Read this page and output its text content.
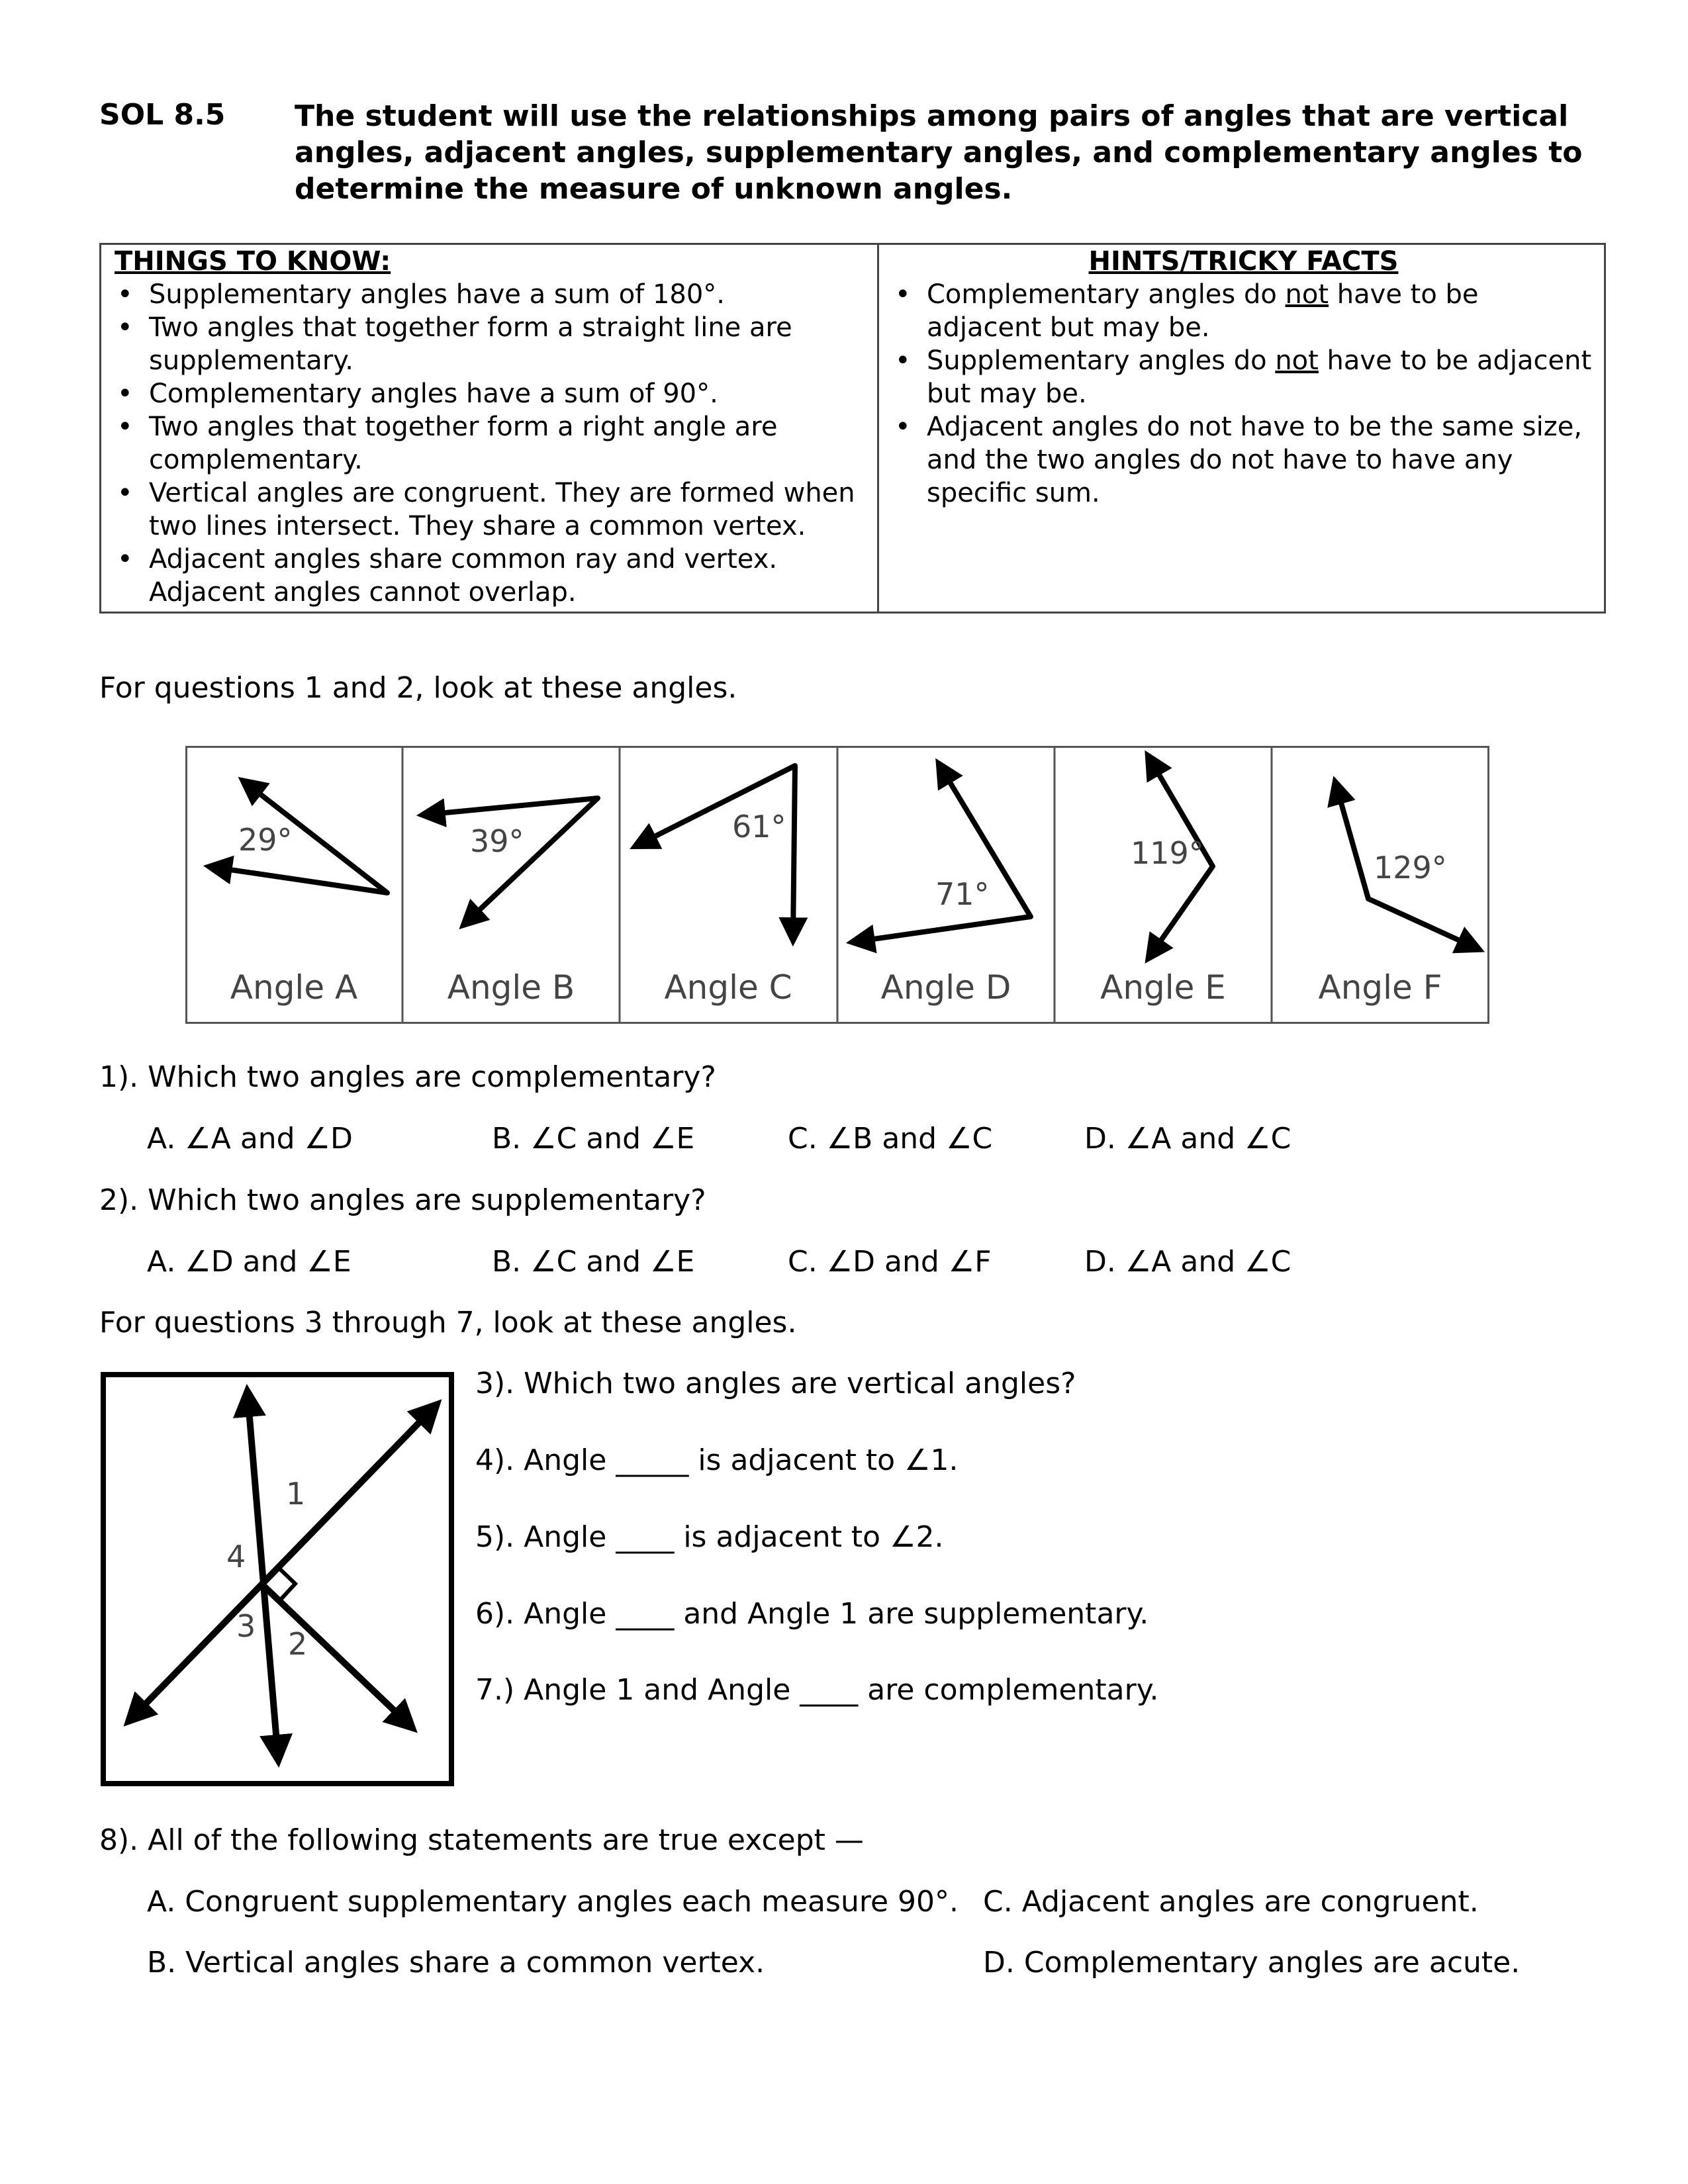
SOL 8.5 The student will use the relationships among pairs of angles that are vertical angles, adjacent angles, supplementary angles, and complementary angles to determine the measure of unknown angles.
THINGS TO KNOW:
• Supplementary angles have a sum of 180°.
• Two angles that together form a straight line are supplementary.
• Complementary angles have a sum of 90°.
• Two angles that together form a right angle are complementary.
• Vertical angles are congruent. They are formed when two lines intersect. They share a common vertex.
• Adjacent angles share common ray and vertex. Adjacent angles cannot overlap.

HINTS/TRICKY FACTS
• Complementary angles do not have to be adjacent but may be.
• Supplementary angles do not have to be adjacent but may be.
• Adjacent angles do not have to be the same size, and the two angles do not have to have any specific sum.
For questions 1 and 2, look at these angles.
29°	39°	61°
71°
119°	129°
Angle A	Angle B	Angle C	Angle D	Angle E	Angle F
1). Which two angles are complementary?
A. ∠A and ∠D	B. ∠C and ∠E	C. ∠B and ∠C	D. ∠A and ∠C
2). Which two angles are supplementary?
A. ∠D and ∠E	B. ∠C and ∠E	C. ∠D and ∠F	D. ∠A and ∠C
For questions 3 through 7, look at these angles.
1
4
3 2
3). Which two angles are vertical angles?
4). Angle _____ is adjacent to ∠1.
5). Angle ____ is adjacent to ∠2.
6). Angle ____ and Angle 1 are supplementary.
7.) Angle 1 and Angle ____ are complementary.
8). All of the following statements are true except —
A. Congruent supplementary angles each measure 90°. C. Adjacent angles are congruent.
B. Vertical angles share a common vertex.	D. Complementary angles are acute.
